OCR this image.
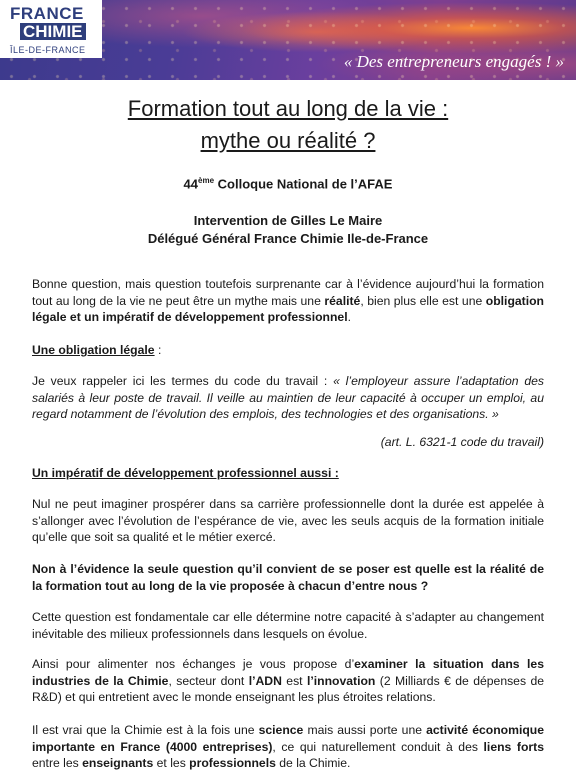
FRANCE
CHIMIE
ÎLE-DE-FRANCE
« Des entrepreneurs engagés ! »
Formation tout au long de la vie :
mythe ou réalité ?
44ème Colloque National de l’AFAE
Intervention de Gilles Le Maire
Délégué Général France Chimie Ile-de-France

Bonne question, mais question toutefois surprenante car à l’évidence aujourd’hui la formation tout au long de la vie ne peut être un mythe mais une réalité, bien plus elle est une obligation légale et un impératif de développement professionnel.

Une obligation légale :

Je veux rappeler ici les termes du code du travail : « l’employeur assure l’adaptation des salariés à leur poste de travail. Il veille au maintien de leur capacité à occuper un emploi, au regard notamment de l’évolution des emplois, des technologies et des organisations. »

(art. L. 6321-1 code du travail)

Un impératif de développement professionnel aussi :

Nul ne peut imaginer prospérer dans sa carrière professionnelle dont la durée est appelée à s’allonger avec l’évolution de l’espérance de vie, avec les seuls acquis de la formation initiale qu’elle que soit sa qualité et le métier exercé.

Non à l’évidence la seule question qu’il convient de se poser est quelle est la réalité de la formation tout au long de la vie proposée à chacun d’entre nous ?

Cette question est fondamentale car elle détermine notre capacité à s’adapter au changement inévitable des milieux professionnels dans lesquels on évolue.

Ainsi pour alimenter nos échanges je vous propose d’examiner la situation dans les industries de la Chimie, secteur dont l’ADN est l’innovation (2 Milliards € de dépenses de R&D) et qui entretient avec le monde enseignant les plus étroites relations.

Il est vrai que la Chimie est à la fois une science mais aussi porte une activité économique importante en France (4000 entreprises), ce qui naturellement conduit à des liens forts entre les enseignants et les professionnels de la Chimie.
